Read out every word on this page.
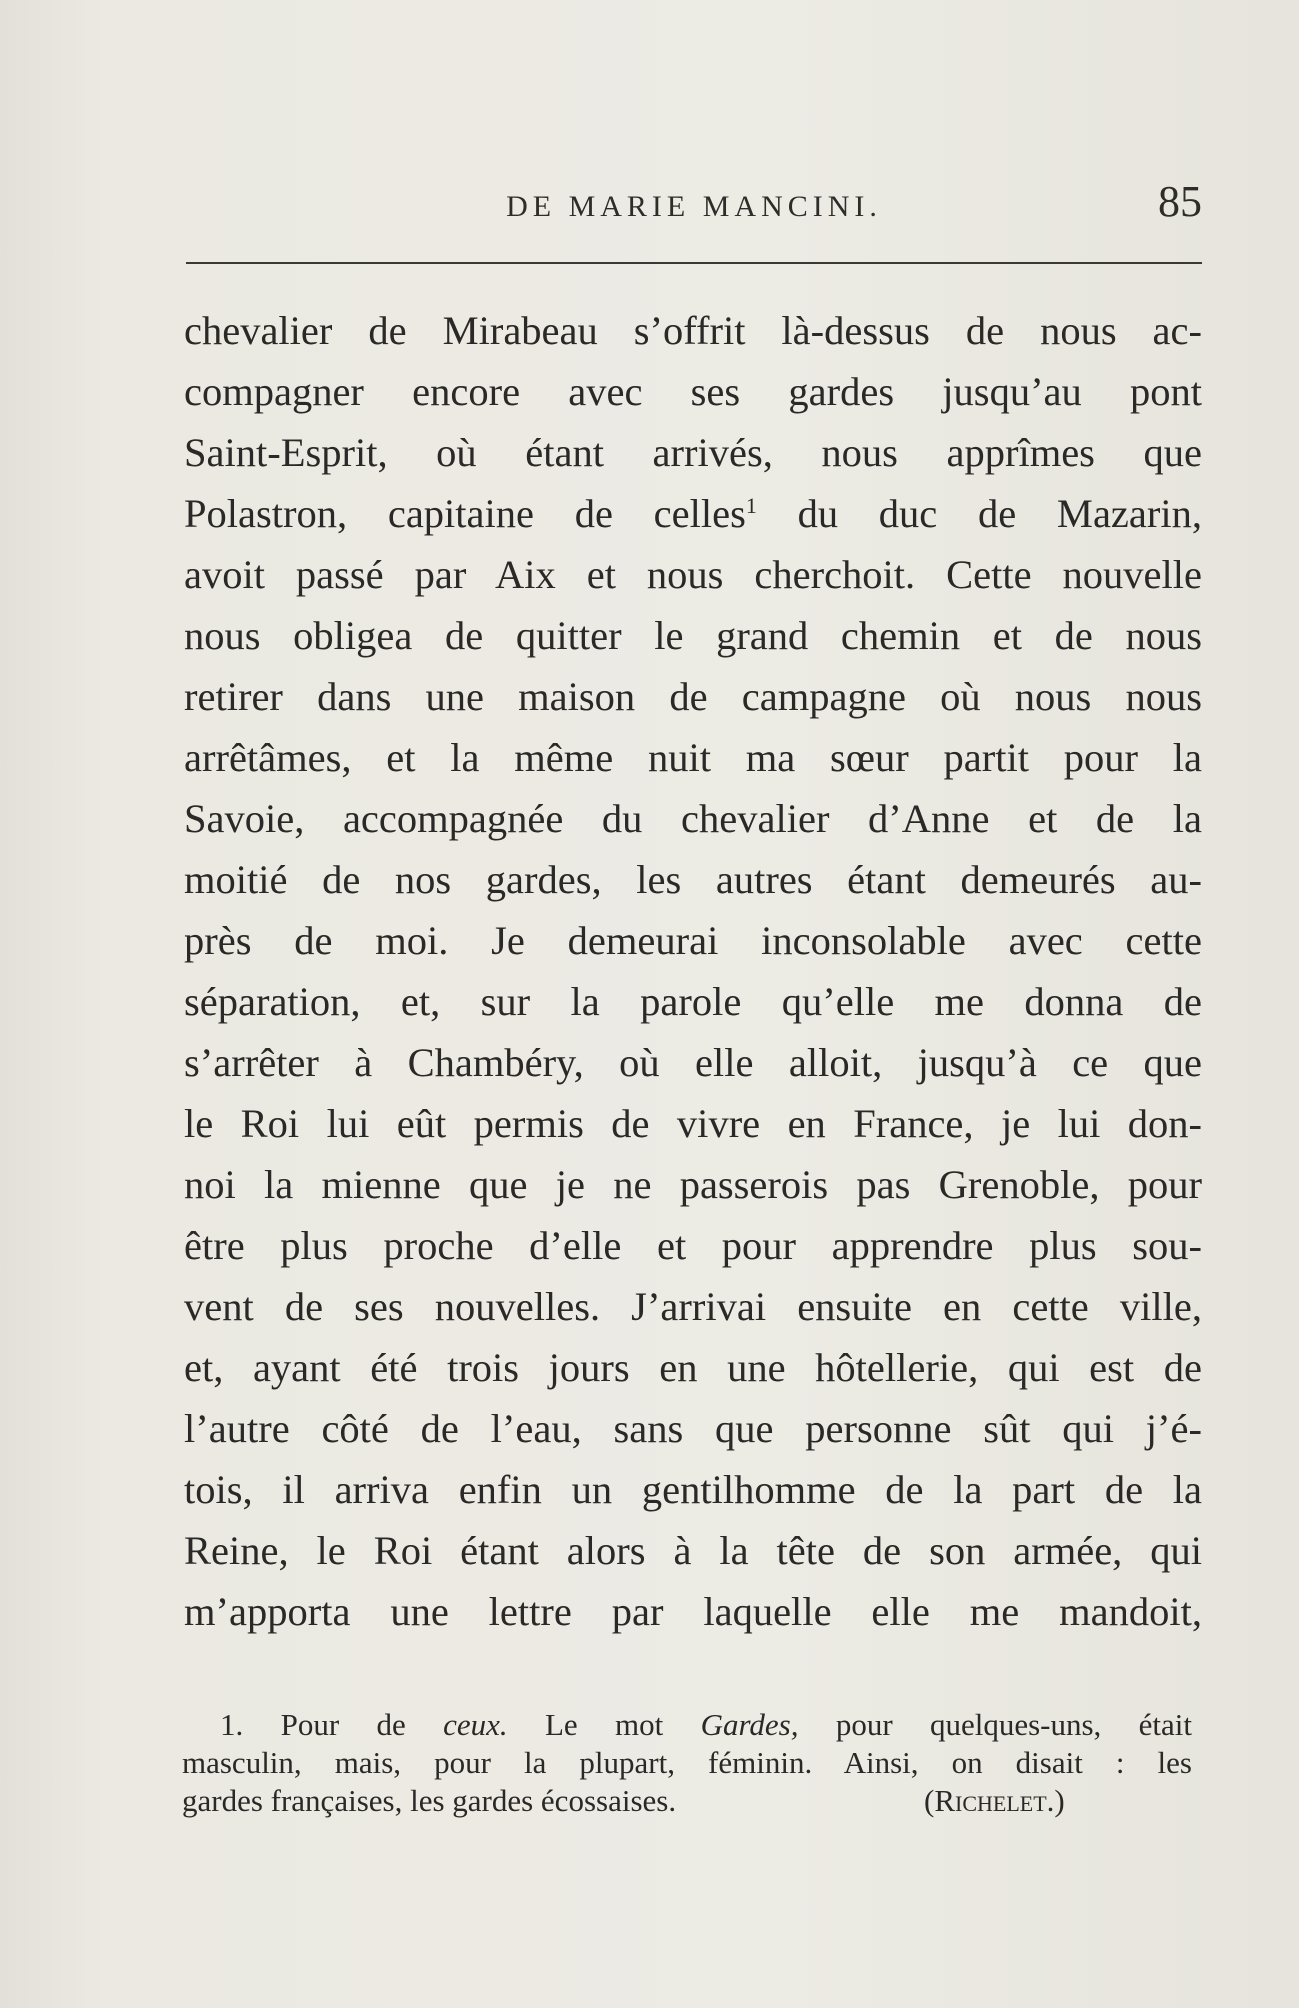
DE MARIE MANCINI.	85
chevalier de Mirabeau s’offrit là-dessus de nous ac-
compagner encore avec ses gardes jusqu’au pont
Saint-Esprit, où étant arrivés, nous apprîmes que
Polastron, capitaine de celles$^1$ du duc de Mazarin,
avoit passé par Aix et nous cherchoit. Cette nouvelle
nous obligea de quitter le grand chemin et de nous
retirer dans une maison de campagne où nous nous
arrêtâmes, et la même nuit ma sœur partit pour la
Savoie, accompagnée du chevalier d’Anne et de la
moitié de nos gardes, les autres étant demeurés au-
près de moi. Je demeurai inconsolable avec cette
séparation, et, sur la parole qu’elle me donna de
s’arrêter à Chambéry, où elle alloit, jusqu’à ce que
le Roi lui eût permis de vivre en France, je lui don-
noi la mienne que je ne passerois pas Grenoble, pour
être plus proche d’elle et pour apprendre plus sou-
vent de ses nouvelles. J’arrivai ensuite en cette ville,
et, ayant été trois jours en une hôtellerie, qui est de
l’autre côté de l’eau, sans que personne sût qui j’é-
tois, il arriva enfin un gentilhomme de la part de la
Reine, le Roi étant alors à la tête de son armée, qui
m’apporta une lettre par laquelle elle me mandoit,
1. Pour de ceux. Le mot Gardes, pour quelques-uns, était
masculin, mais, pour la plupart, féminin. Ainsi, on disait : les
gardes françaises, les gardes écossaises.	(Richelet.)
